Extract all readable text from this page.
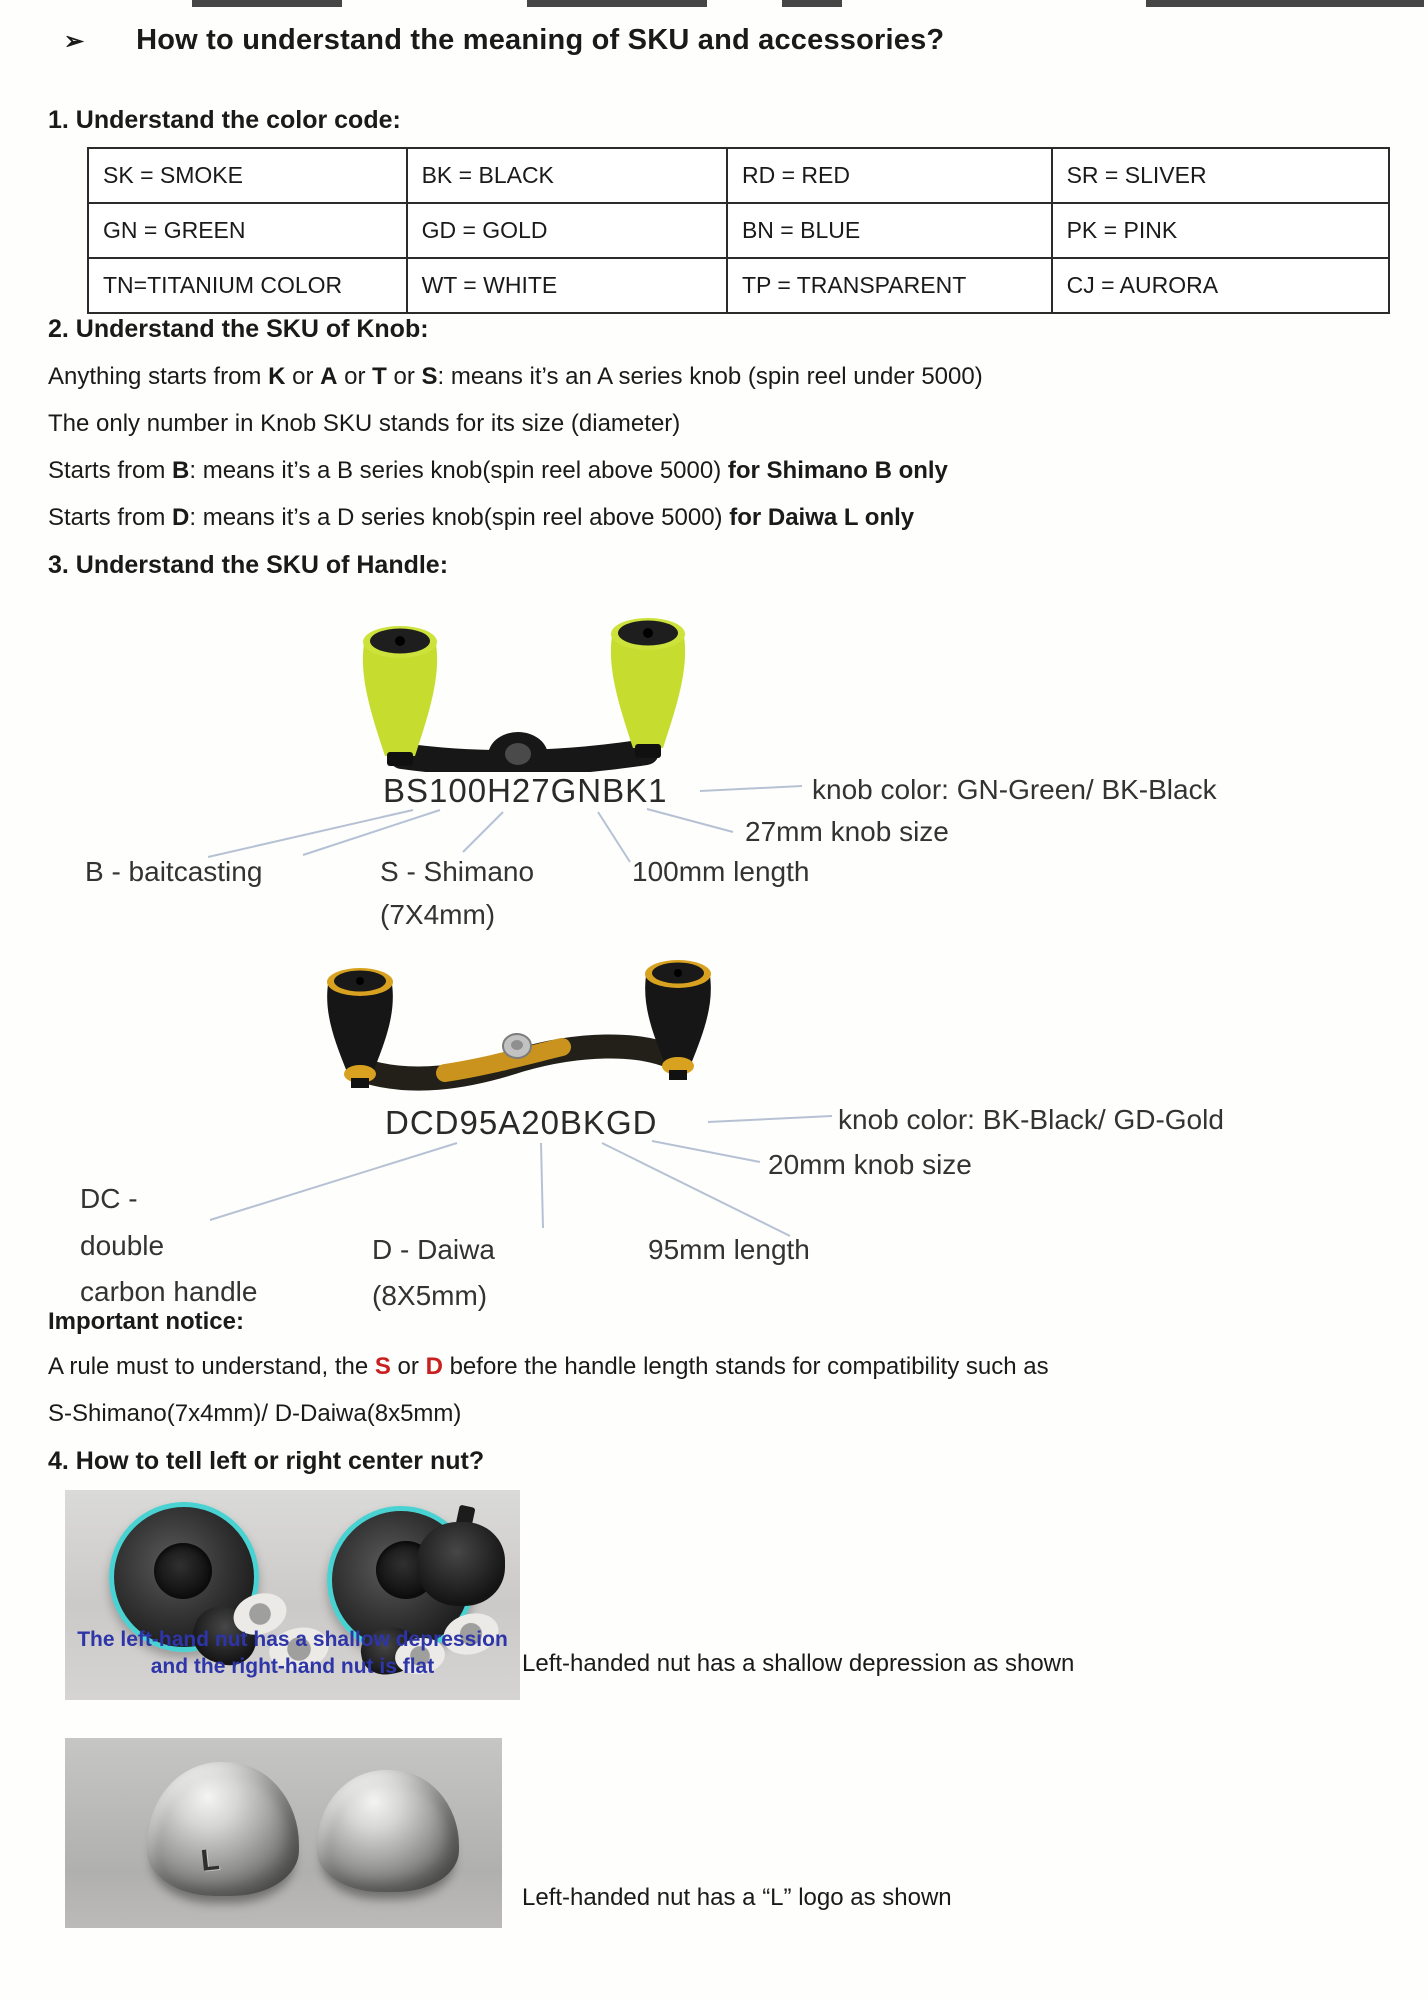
➢ How to understand the meaning of SKU and accessories?
1. Understand the color code:
SK = SMOKE	BK = BLACK	RD = RED	SR = SLIVER
GN = GREEN	GD = GOLD	BN = BLUE	PK = PINK
TN=TITANIUM COLOR	WT = WHITE	TP = TRANSPARENT	CJ = AURORA
2. Understand the SKU of Knob:
Anything starts from K or A or T or S: means it’s an A series knob (spin reel under 5000)
The only number in Knob SKU stands for its size (diameter)
Starts from B: means it’s a B series knob(spin reel above 5000) for Shimano B only
Starts from D: means it’s a D series knob(spin reel above 5000) for Daiwa L only
3. Understand the SKU of Handle:
BS100H27GNBK1	knob color: GN-Green/ BK-Black
27mm knob size
100mm length
B - baitcasting	S - Shimano
(7X4mm)
DCD95A20BKGD	knob color: BK-Black/ GD-Gold
20mm knob size
95mm length
DC -
double
carbon handle
D - Daiwa
(8X5mm)
Important notice:
A rule must to understand, the S or D before the handle length stands for compatibility such as
S-Shimano(7x4mm)/ D-Daiwa(8x5mm)
4. How to tell left or right center nut?
The left-hand nut has a shallow depression
and the right-hand nut is flat	Left-handed nut has a shallow depression as shown
L
Left-handed nut has a “L” logo as shown
